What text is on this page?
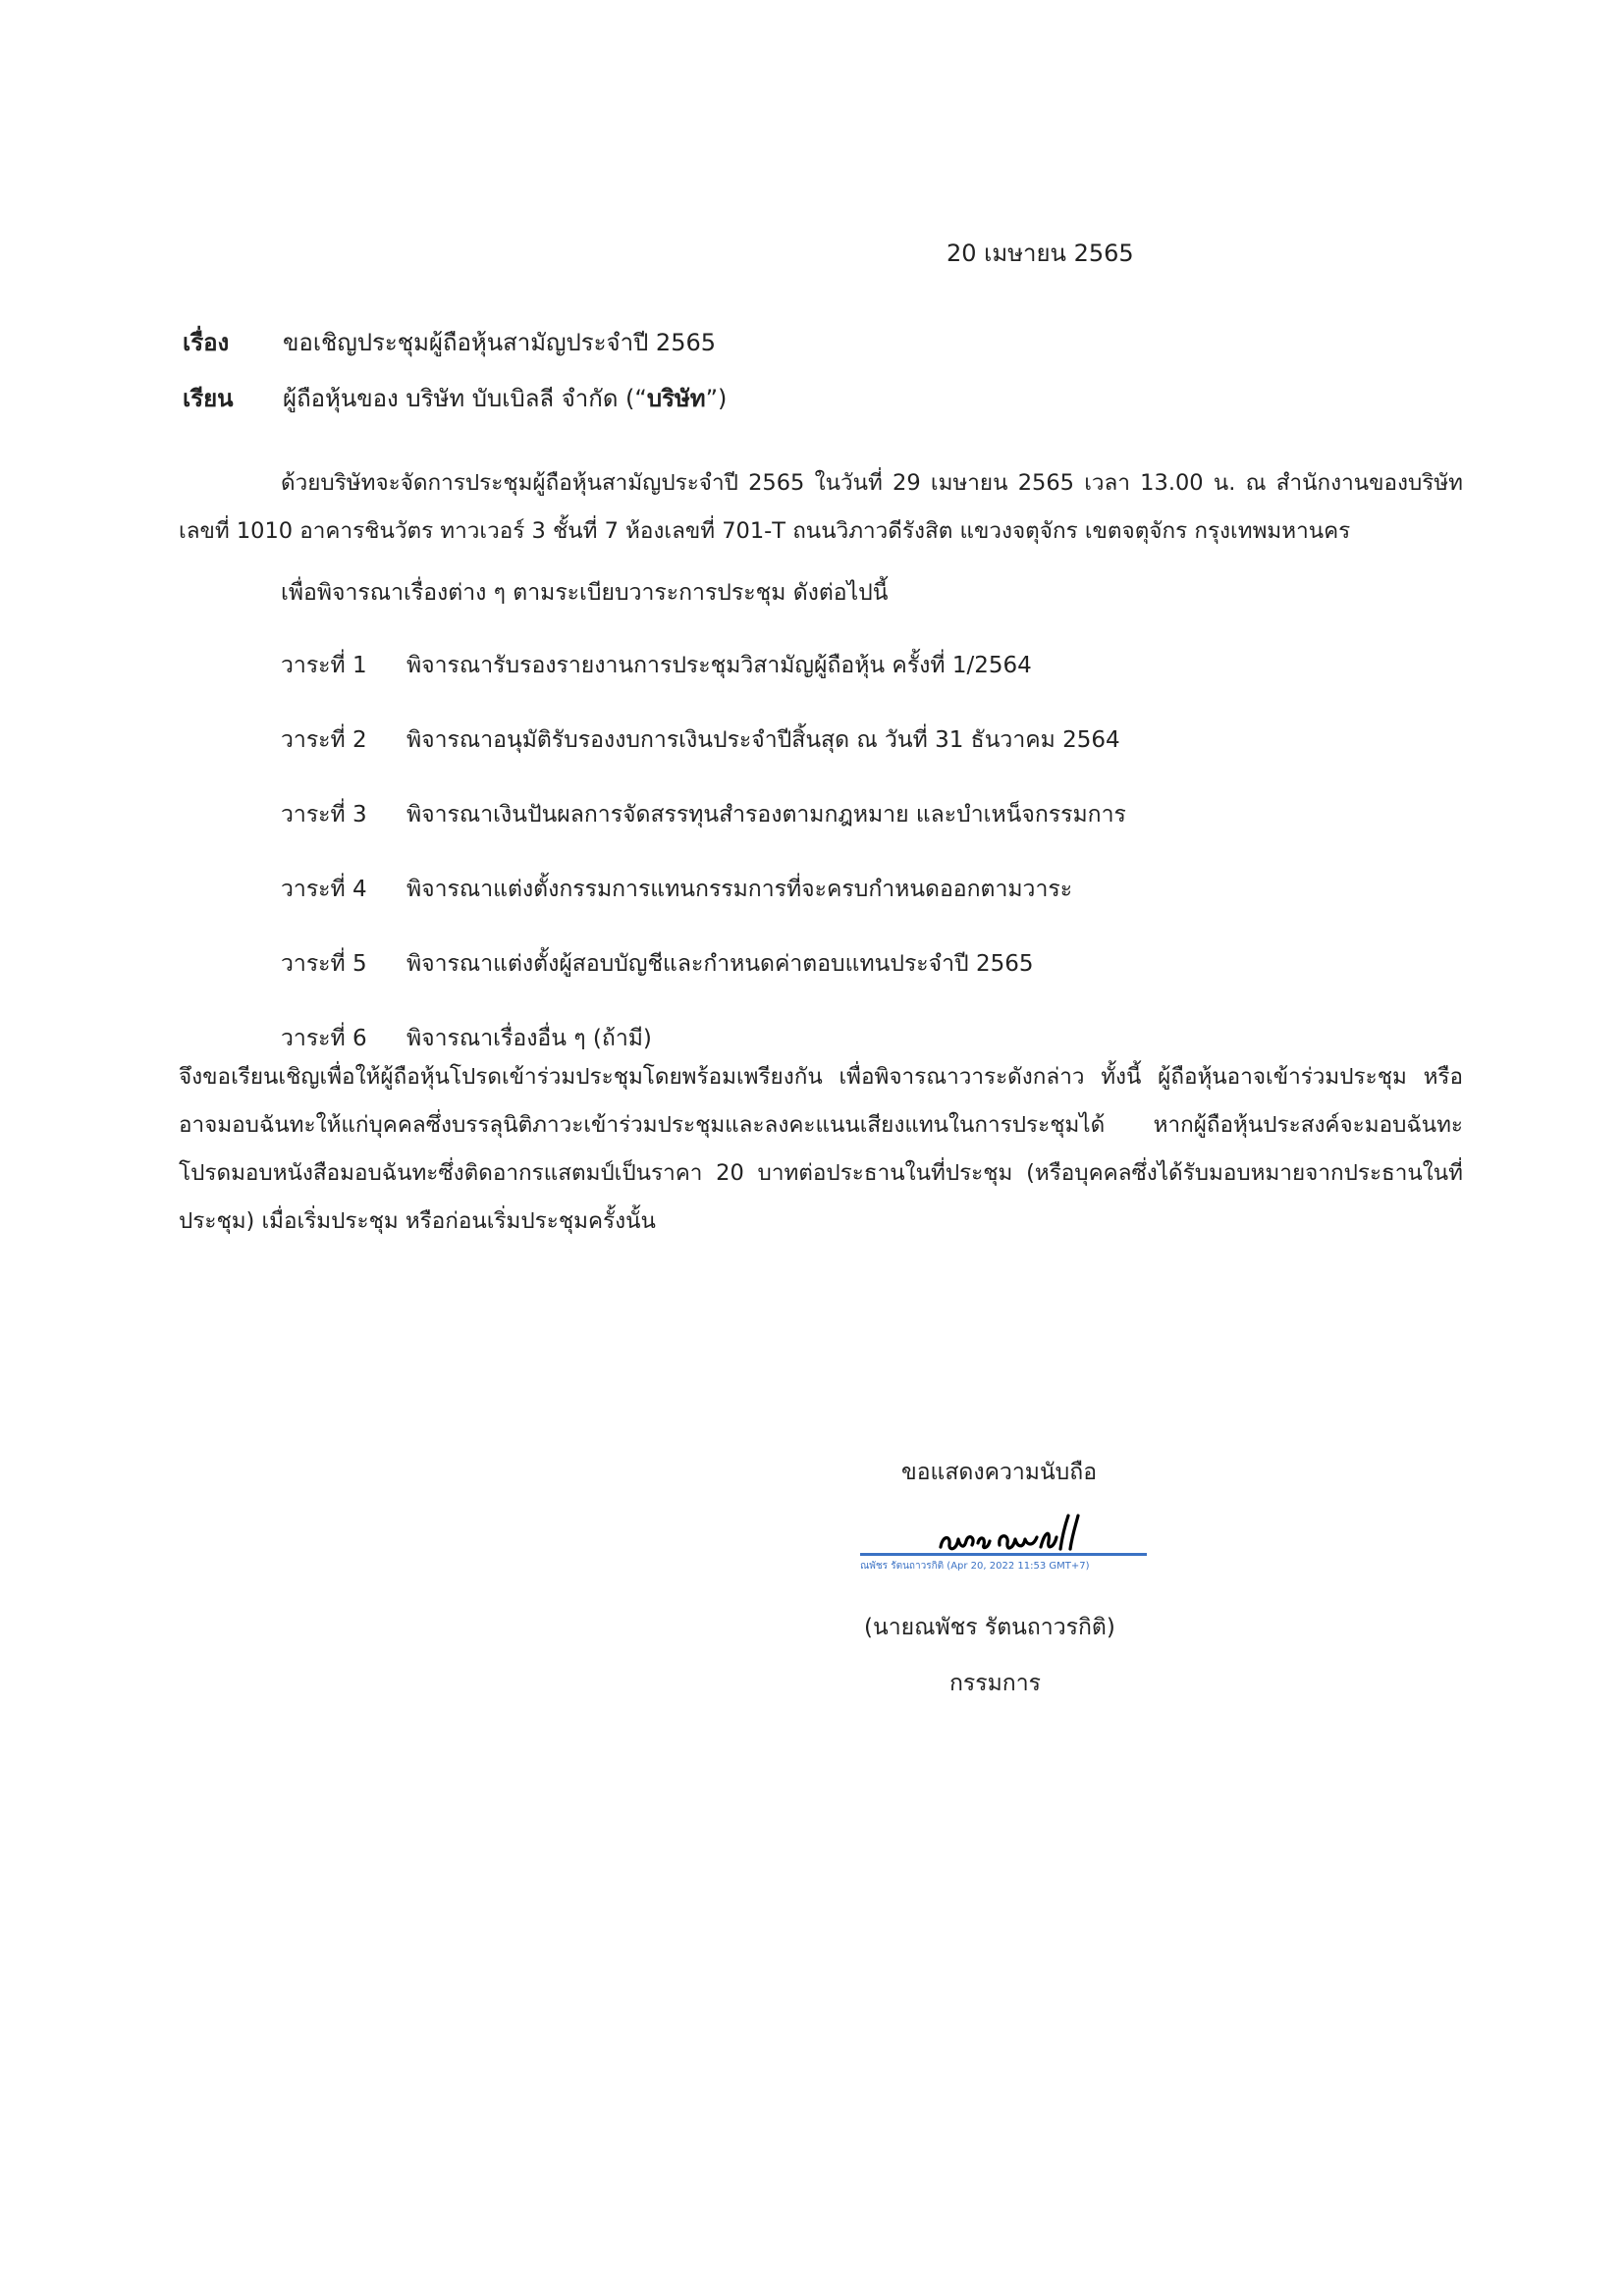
20 เมษายน 2565
เรื่อง ขอเชิญประชุมผู้ถือหุ้นสามัญประจำปี 2565
เรียน ผู้ถือหุ้นของ บริษัท บับเบิลลี จำกัด (“บริษัท”)

ด้วยบริษัทจะจัดการประชุมผู้ถือหุ้นสามัญประจำปี 2565 ในวันที่ 29 เมษายน 2565 เวลา 13.00 น. ณ สำนักงานของบริษัท เลขที่ 1010 อาคารชินวัตร ทาวเวอร์ 3 ชั้นที่ 7 ห้องเลขที่ 701-T ถนนวิภาวดีรังสิต แขวงจตุจักร เขตจตุจักร กรุงเทพมหานคร

เพื่อพิจารณาเรื่องต่าง ๆ ตามระเบียบวาระการประชุม ดังต่อไปนี้
วาระที่ 1 พิจารณารับรองรายงานการประชุมวิสามัญผู้ถือหุ้น ครั้งที่ 1/2564
วาระที่ 2 พิจารณาอนุมัติรับรองงบการเงินประจำปีสิ้นสุด ณ วันที่ 31 ธันวาคม 2564
วาระที่ 3 พิจารณาเงินปันผลการจัดสรรทุนสำรองตามกฎหมาย และบำเหน็จกรรมการ
วาระที่ 4 พิจารณาแต่งตั้งกรรมการแทนกรรมการที่จะครบกำหนดออกตามวาระ
วาระที่ 5 พิจารณาแต่งตั้งผู้สอบบัญชีและกำหนดค่าตอบแทนประจำปี 2565
วาระที่ 6 พิจารณาเรื่องอื่น ๆ (ถ้ามี)

จึงขอเรียนเชิญเพื่อให้ผู้ถือหุ้นโปรดเข้าร่วมประชุมโดยพร้อมเพรียงกัน เพื่อพิจารณาวาระดังกล่าว ทั้งนี้ ผู้ถือหุ้นอาจเข้าร่วมประชุม หรืออาจมอบฉันทะให้แก่บุคคลซึ่งบรรลุนิติภาวะเข้าร่วมประชุมและลงคะแนนเสียงแทนในการประชุมได้ หากผู้ถือหุ้นประสงค์จะมอบฉันทะ โปรดมอบหนังสือมอบฉันทะซึ่งติดอากรแสตมป์เป็นราคา 20 บาทต่อประธานในที่ประชุม (หรือบุคคลซึ่งได้รับมอบหมายจากประธานในที่ประชุม) เมื่อเริ่มประชุม หรือก่อนเริ่มประชุมครั้งนั้น

ขอแสดงความนับถือ
ณพัชร รัตนถาวรกิติ (Apr 20, 2022 11:53 GMT+7)
(นายณพัชร รัตนถาวรกิติ)
กรรมการ
